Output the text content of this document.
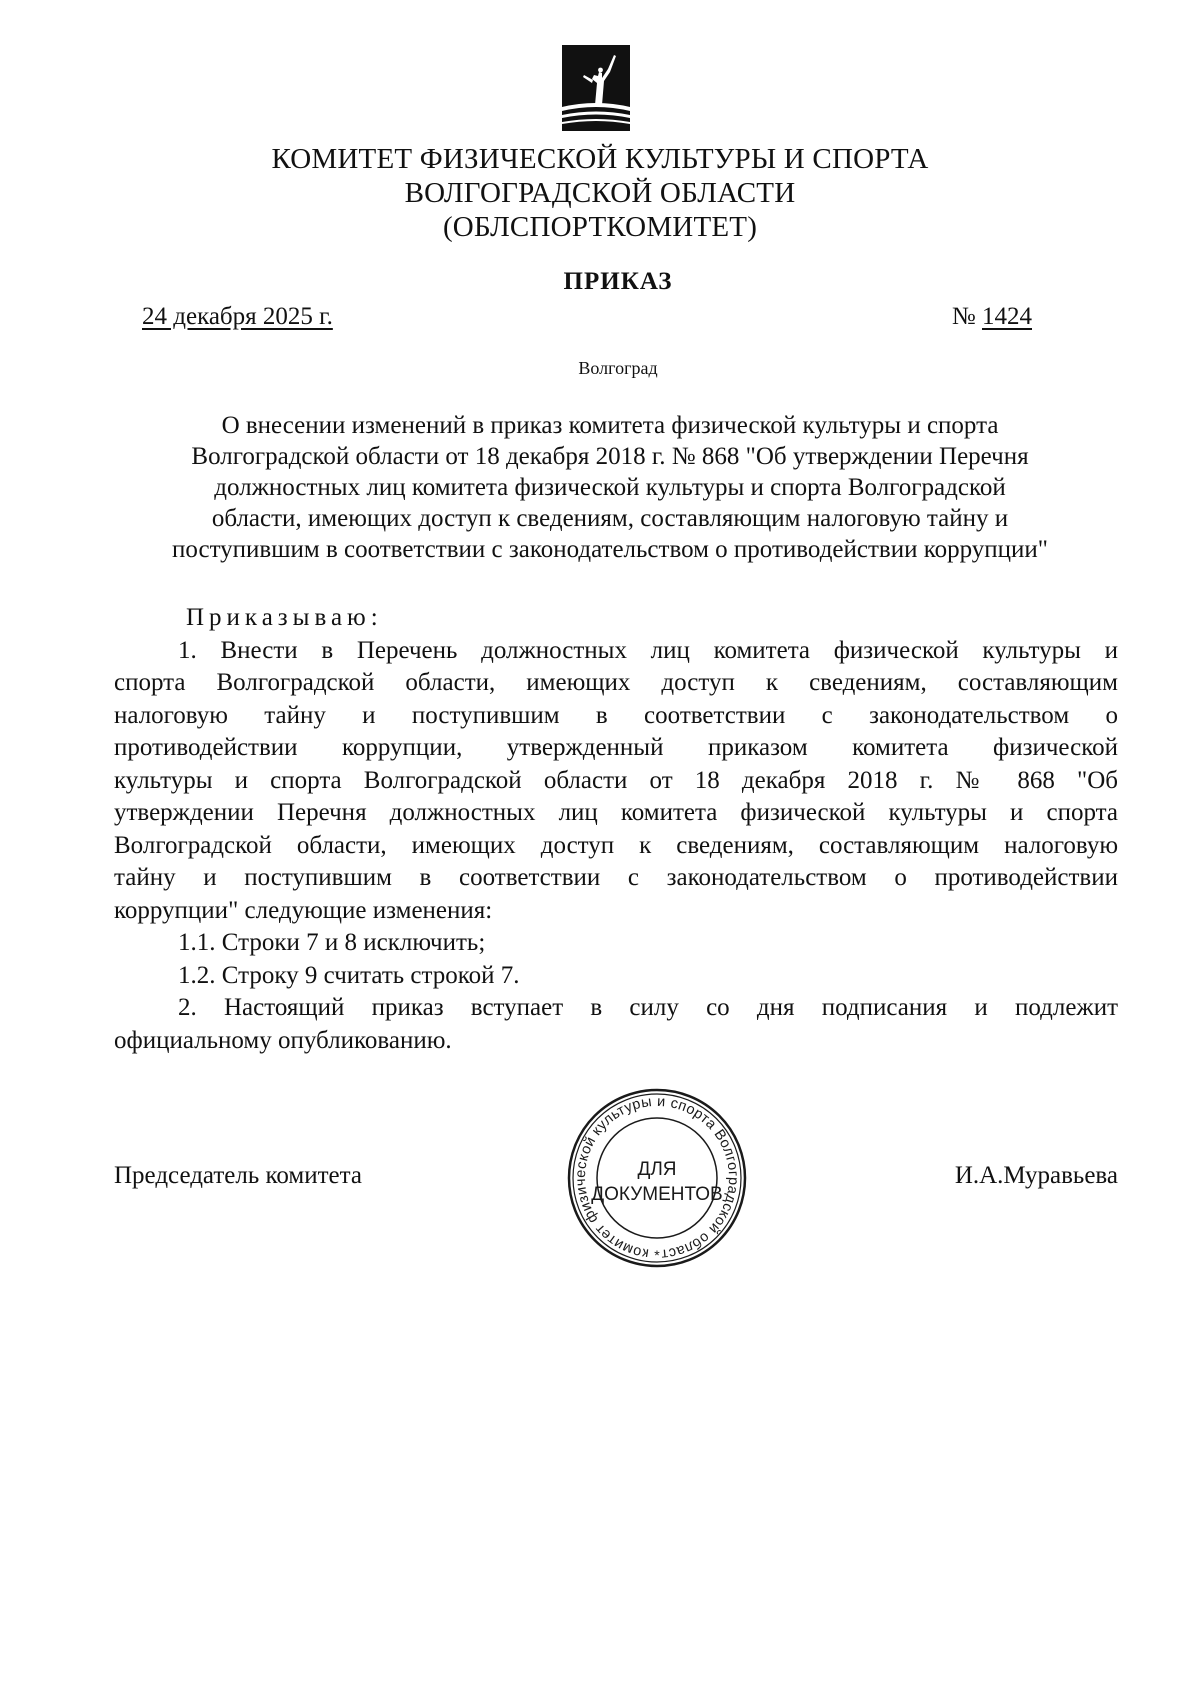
КОМИТЕТ ФИЗИЧЕСКОЙ КУЛЬТУРЫ И СПОРТА
ВОЛГОГРАДСКОЙ ОБЛАСТИ
(ОБЛСПОРТКОМИТЕТ)
ПРИКАЗ
24 декабря 2025 г.	№ 1424
Волгоград
О внесении изменений в приказ комитета физической культуры и спорта
Волгоградской области от 18 декабря 2018 г. № 868 "Об утверждении Перечня
должностных лиц комитета физической культуры и спорта Волгоградской
области, имеющих доступ к сведениям, составляющим налоговую тайну и
поступившим в соответствии с законодательством о противодействии коррупции"

Приказываю:

1. Внести в Перечень должностных лиц комитета физической культуры и
спорта Волгоградской области, имеющих доступ к сведениям, составляющим
налоговую тайну и поступившим в соответствии с законодательством о
противодействии коррупции, утвержденный приказом комитета физической
культуры и спорта Волгоградской области от 18 декабря 2018 г. № 868 "Об
утверждении Перечня должностных лиц комитета физической культуры и спорта
Волгоградской области, имеющих доступ к сведениям, составляющим налоговую
тайну и поступившим в соответствии с законодательством о противодействии
коррупции" следующие изменения:

1.1. Строки 7 и 8 исключить;

1.2. Строку 9 считать строкой 7.

2. Настоящий приказ вступает в силу со дня подписания и подлежит
официальному опубликованию.

Председатель комитета	И.А.Муравьева
комитет физической культуры и спорта Волгоградской област
*
ДЛЯ
ДОКУМЕНТОВ
